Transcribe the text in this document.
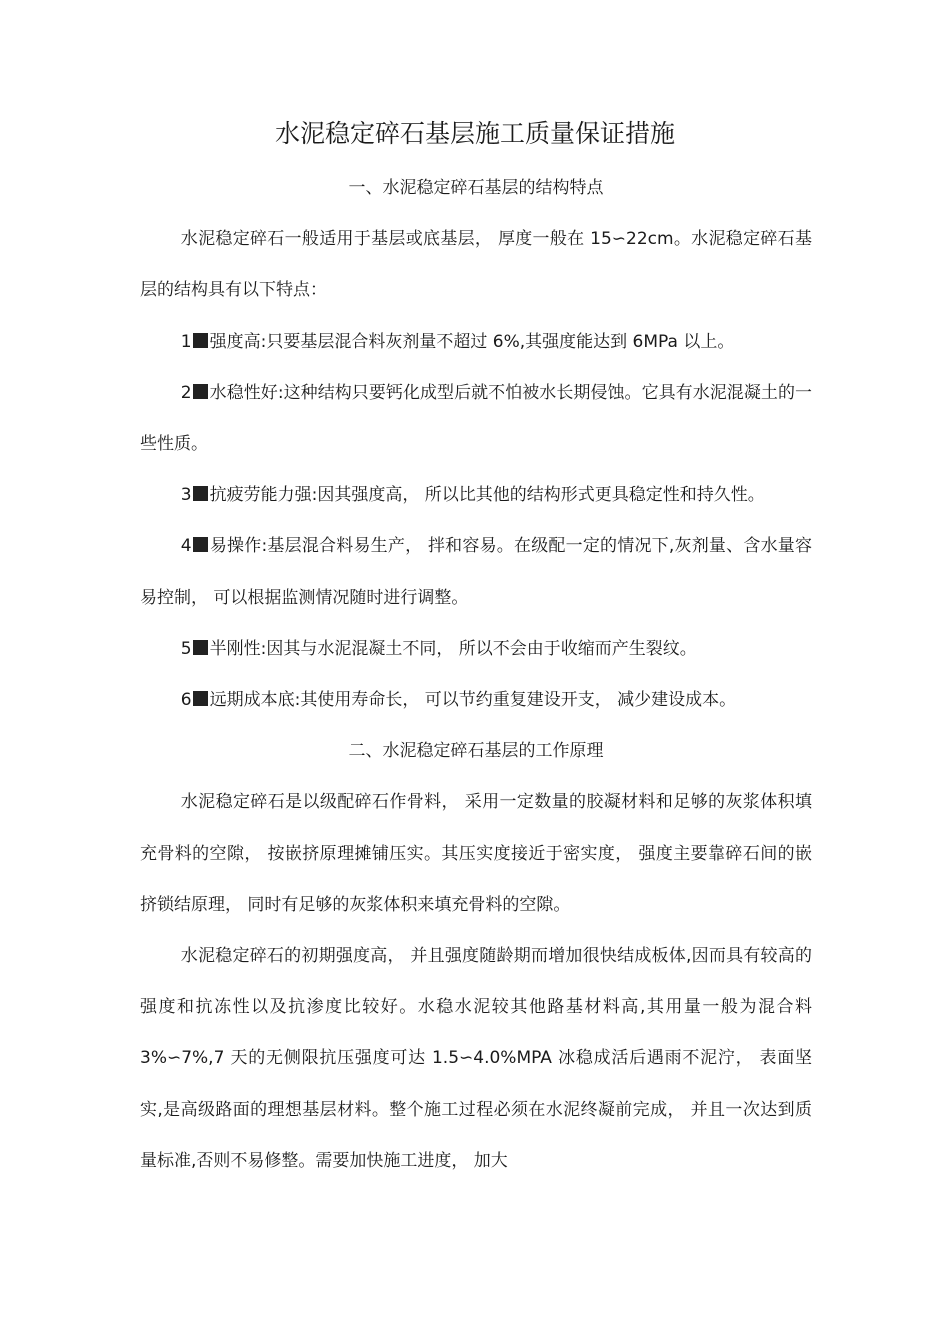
水泥稳定碎石基层施工质量保证措施

一、水泥稳定碎石基层的结构特点

水泥稳定碎石一般适用于基层或底基层， 厚度一般在 15∽22cm。水泥稳定碎石基层的结构具有以下特点：

1 强度高:只要基层混合料灰剂量不超过 6%,其强度能达到 6MPa 以上。

2 水稳性好:这种结构只要钙化成型后就不怕被水长期侵蚀。它具有水泥混凝土的一些性质。

3 抗疲劳能力强:因其强度高， 所以比其他的结构形式更具稳定性和持久性。

4 易操作:基层混合料易生产， 拌和容易。在级配一定的情况下,灰剂量、含水量容易控制， 可以根据监测情况随时进行调整。

5 半刚性:因其与水泥混凝土不同， 所以不会由于收缩而产生裂纹。

6 远期成本底:其使用寿命长， 可以节约重复建设开支， 减少建设成本。

二、水泥稳定碎石基层的工作原理

水泥稳定碎石是以级配碎石作骨料， 采用一定数量的胶凝材料和足够的灰浆体积填充骨料的空隙， 按嵌挤原理摊铺压实。其压实度接近于密实度， 强度主要靠碎石间的嵌挤锁结原理， 同时有足够的灰浆体积来填充骨料的空隙。

水泥稳定碎石的初期强度高， 并且强度随龄期而增加很快结成板体,因而具有较高的强度和抗冻性以及抗渗度比较好。水稳水泥较其他路基材料高,其用量一般为混合料 3%∽7%,7 天的无侧限抗压强度可达 1.5∽4.0%MPA 冰稳成活后遇雨不泥泞， 表面坚实,是高级路面的理想基层材料。整个施工过程必须在水泥终凝前完成， 并且一次达到质量标准,否则不易修整。需要加快施工进度， 加大
